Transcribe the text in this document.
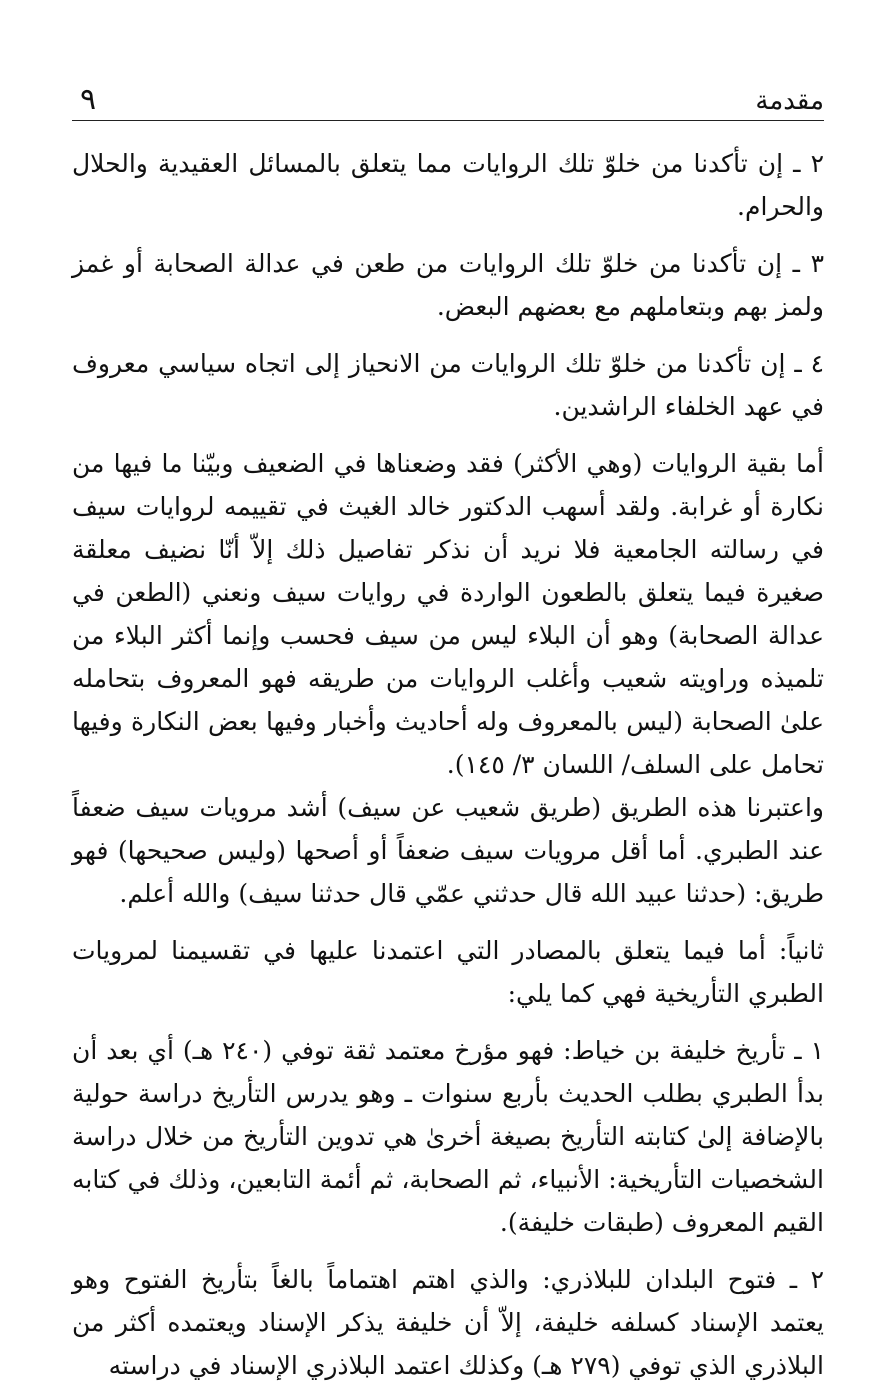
مقدمة
٩

٢ ـ إن تأكدنا من خلوّ تلك الروايات مما يتعلق بالمسائل العقيدية والحلال والحرام.

٣ ـ إن تأكدنا من خلوّ تلك الروايات من طعن في عدالة الصحابة أو غمز ولمز بهم وبتعاملهم مع بعضهم البعض.

٤ ـ إن تأكدنا من خلوّ تلك الروايات من الانحياز إلى اتجاه سياسي معروف في عهد الخلفاء الراشدين.

أما بقية الروايات (وهي الأكثر) فقد وضعناها في الضعيف وبيّنا ما فيها من نكارة أو غرابة. ولقد أسهب الدكتور خالد الغيث في تقييمه لروايات سيف في رسالته الجامعية فلا نريد أن نذكر تفاصيل ذلك إلاّ أنّا نضيف معلقة صغيرة فيما يتعلق بالطعون الواردة في روايات سيف ونعني (الطعن في عدالة الصحابة) وهو أن البلاء ليس من سيف فحسب وإنما أكثر البلاء من تلميذه وراويته شعيب وأغلب الروايات من طريقه فهو المعروف بتحامله علىٰ الصحابة (ليس بالمعروف وله أحاديث وأخبار وفيها بعض النكارة وفيها تحامل على السلف/ اللسان ٣/ ١٤٥).

واعتبرنا هذه الطريق (طريق شعيب عن سيف) أشد مرويات سيف ضعفاً عند الطبري. أما أقل مرويات سيف ضعفاً أو أصحها (وليس صحيحها) فهو طريق: (حدثنا عبيد الله قال حدثني عمّي قال حدثنا سيف) والله أعلم.

ثانياً: أما فيما يتعلق بالمصادر التي اعتمدنا عليها في تقسيمنا لمرويات الطبري التأريخية فهي كما يلي:

١ ـ تأريخ خليفة بن خياط: فهو مؤرخ معتمد ثقة توفي (٢٤٠ هـ) أي بعد أن بدأ الطبري بطلب الحديث بأربع سنوات ـ وهو يدرس التأريخ دراسة حولية بالإضافة إلىٰ كتابته التأريخ بصيغة أخرىٰ هي تدوين التأريخ من خلال دراسة الشخصيات التأريخية: الأنبياء، ثم الصحابة، ثم أئمة التابعين، وذلك في كتابه القيم المعروف (طبقات خليفة).

٢ ـ فتوح البلدان للبلاذري: والذي اهتم اهتماماً بالغاً بتأريخ الفتوح وهو يعتمد الإسناد كسلفه خليفة، إلاّ أن خليفة يذكر الإسناد ويعتمده أكثر من البلاذري الذي توفي (٢٧٩ هـ) وكذلك اعتمد البلاذري الإسناد في دراسته
